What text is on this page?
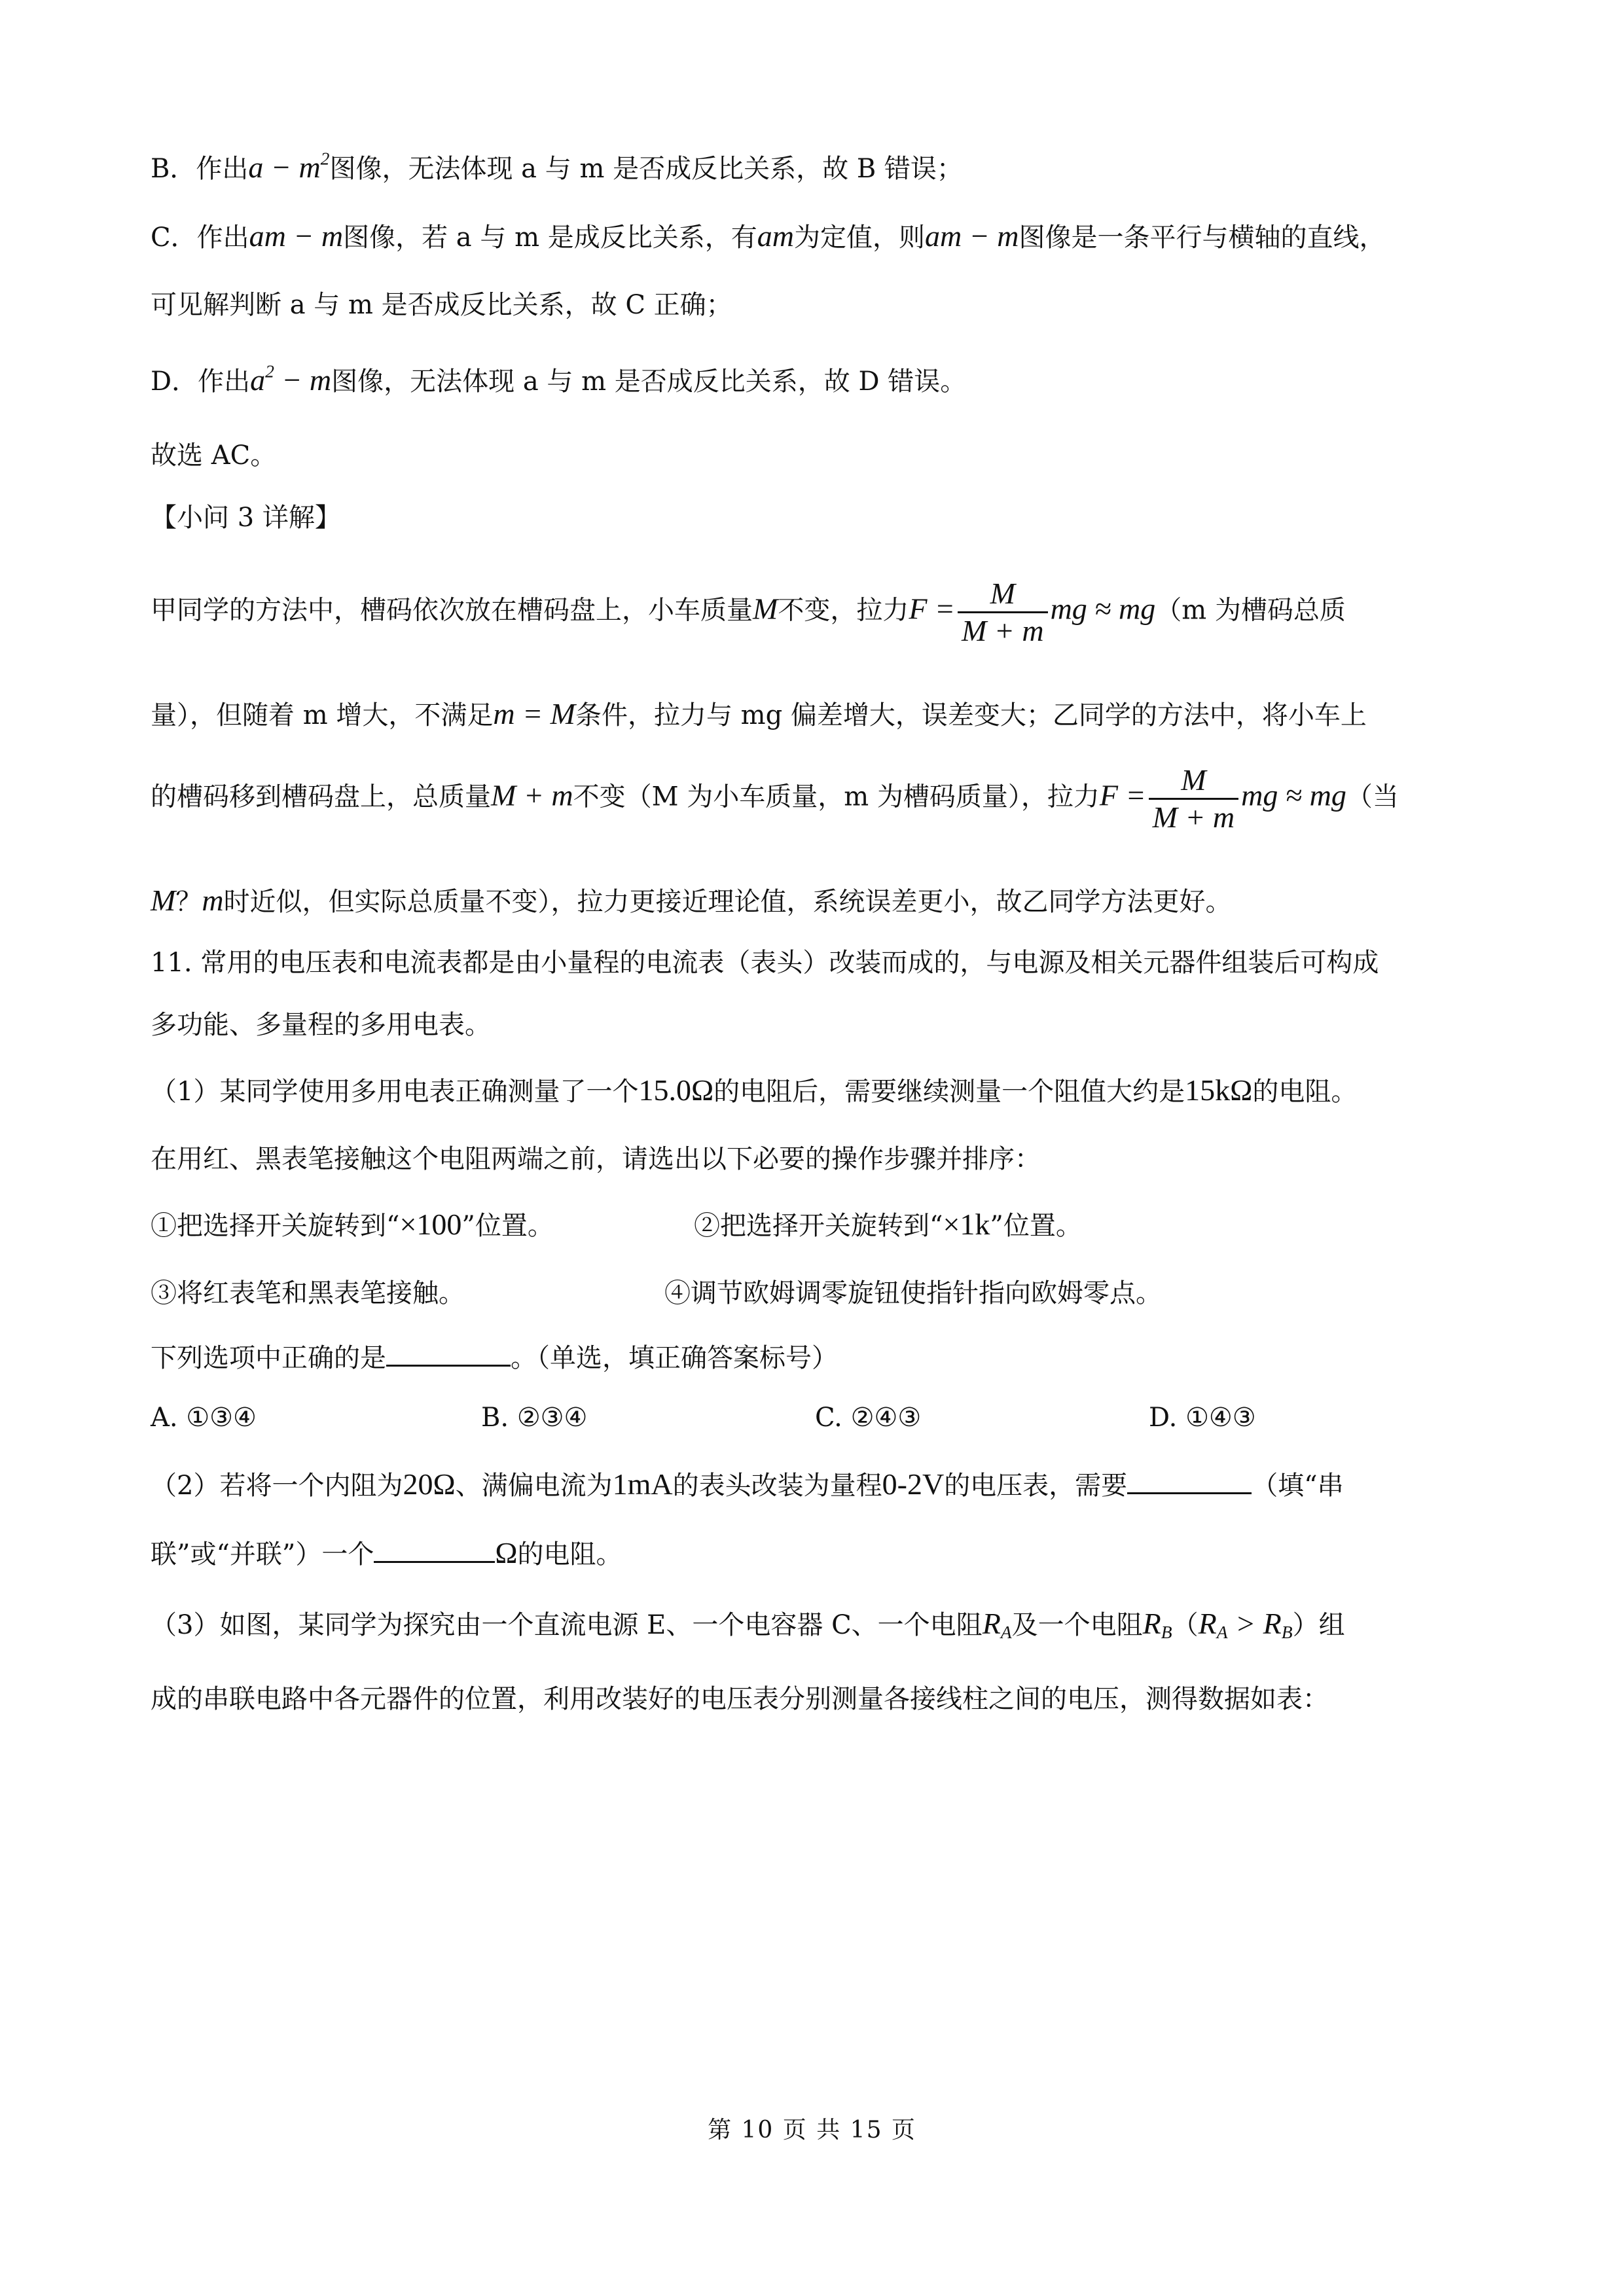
B．作出$a - m^2$图像，无法体现 a 与 m 是否成反比关系，故 B 错误；
C．作出am − m图像，若 a 与 m 是成反比关系，有am为定值，则am − m图像是一条平行与横轴的直线，
可见解判断 a 与 m 是否成反比关系，故 C 正确；
D．作出$a^2 - m$图像，无法体现 a 与 m 是否成反比关系，故 D 错误。
故选 AC。
【小问 3 详解】
甲同学的方法中，槽码依次放在槽码盘上，小车质量M不变，拉力$F = \frac{M}{M + m}$ mg ≈ mg（m 为槽码总质
量），但随着 m 增大，不满足m = M条件，拉力与 mg 偏差增大，误差变大；乙同学的方法中，将小车上
的槽码移到槽码盘上，总质量M + m不变（M 为小车质量，m 为槽码质量），拉力$F = \frac{M}{M + m}$ mg ≈ mg（当
M？m时近似，但实际总质量不变），拉力更接近理论值，系统误差更小，故乙同学方法更好。
11. 常用的电压表和电流表都是由小量程的电流表（表头）改装而成的，与电源及相关元器件组装后可构成
多功能、多量程的多用电表。
（1）某同学使用多用电表正确测量了一个15.0Ω的电阻后，需要继续测量一个阻值大约是15kΩ的电阻。
在用红、黑表笔接触这个电阻两端之前，请选出以下必要的操作步骤并排序：
①把选择开关旋转到“×100”位置。	②把选择开关旋转到“×1k”位置。
③将红表笔和黑表笔接触。	④调节欧姆调零旋钮使指针指向欧姆零点。
下列选项中正确的是	。（单选，填正确答案标号）
A. ①③④	B. ②③④	C. ②④③	D. ①④③
（2）若将一个内阻为20Ω、满偏电流为1mA的表头改装为量程0-2V的电压表，需要	（填“串
联”或“并联”）一个	Ω的电阻。
（3）如图，某同学为探究由一个直流电源 E、一个电容器 C、一个电阻$R_A$及一个电阻$R_B(R_A > R_B)$组
成的串联电路中各元器件的位置，利用改装好的电压表分别测量各接线柱之间的电压，测得数据如表：
第 10 页 共 15 页
